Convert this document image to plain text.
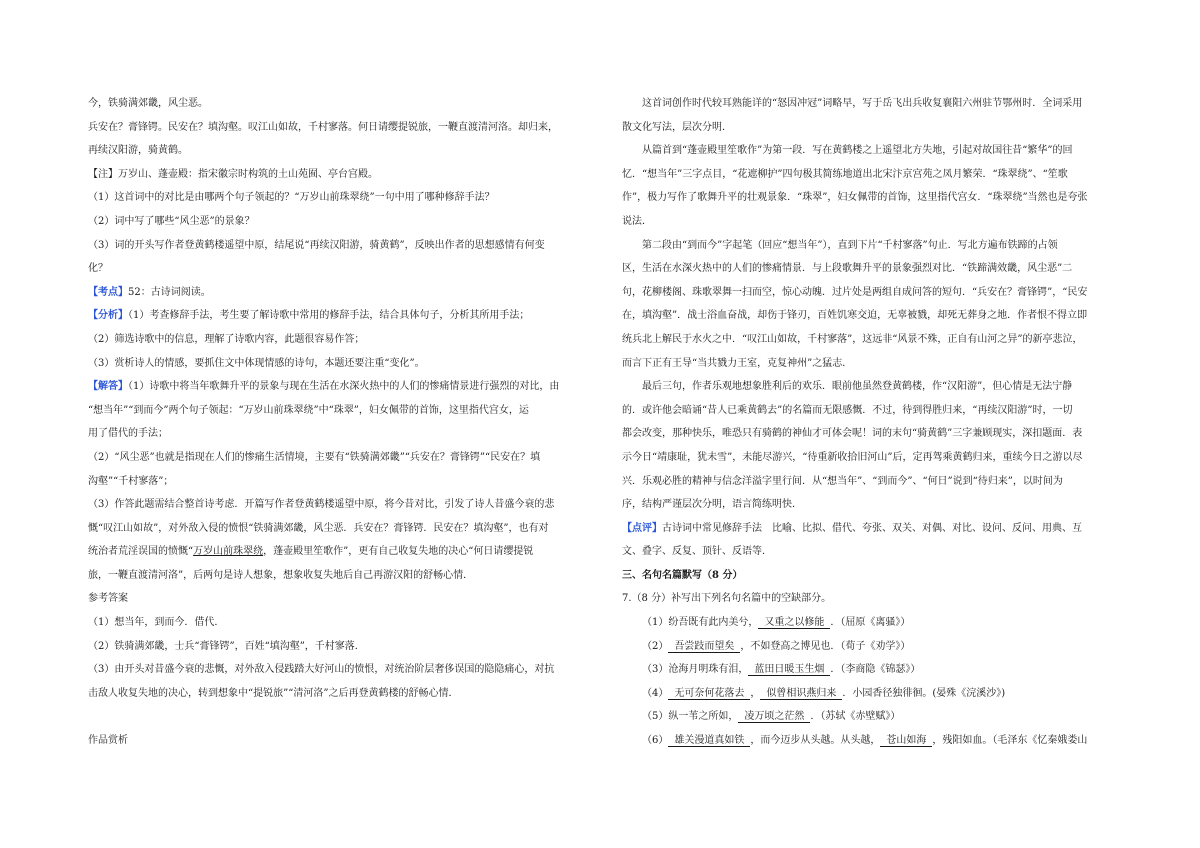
今，铁骑满郊畿，风尘恶。

兵安在？膏锋锷。民安在？填沟壑。叹江山如故，千村寥落。何日请缨提锐旅，一鞭直渡清河洛。却归来，

再续汉阳游，骑黄鹤。

【注】万岁山、蓬壶殿：指宋徽宗时构筑的土山苑囿、亭台宫殿。

（1）这首词中的对比是由哪两个句子领起的？“万岁山前珠翠绕”一句中用了哪种修辞手法？

（2）词中写了哪些“风尘恶”的景象？

（3）词的开头写作者登黄鹤楼遥望中原，结尾说“再续汉阳游，骑黄鹤”，反映出作者的思想感情有何变

化？

【考点】52：古诗词阅读。

【分析】（1）考查修辞手法，考生要了解诗歌中常用的修辞手法，结合具体句子，分析其所用手法；

（2）筛选诗歌中的信息，理解了诗歌内容，此题很容易作答；

（3）赏析诗人的情感，要抓住文中体现情感的诗句，本题还要注重“变化”。

【解答】（1）诗歌中将当年歌舞升平的景象与现在生活在水深火热中的人们的惨痛情景进行强烈的对比，由

“想当年”“到而今”两个句子领起：“万岁山前珠翠绕”中“珠翠”，妇女佩带的首饰，这里指代宫女，运

用了借代的手法；

（2）“风尘恶”也就是指现在人们的惨痛生活情境，主要有“铁骑满郊畿”“兵安在？膏锋锷”“民安在？填

沟壑”“千村寥落”；

（3）作答此题需结合整首诗考虑．开篇写作者登黄鹤楼遥望中原，将今昔对比，引发了诗人昔盛今衰的悲

慨“叹江山如故”，对外敌入侵的愤恨“铁骑满郊畿，风尘恶．兵安在？膏锋锷．民安在？填沟壑”，也有对

统治者荒淫误国的愤慨“万岁山前珠翠绕，蓬壶殿里笙歌作”，更有自己收复失地的决心“何日请缨提锐

旅，一鞭直渡清河洛”，后两句是诗人想象，想象收复失地后自己再游汉阳的舒畅心情．

参考答案

（1）想当年，到而今．借代．

（2）铁骑满郊畿，士兵“膏锋锷”，百姓“填沟壑”，千村寥落．

（3）由开头对昔盛今衰的悲慨，对外敌入侵践踏大好河山的愤恨，对统治阶层奢侈误国的隐隐痛心，对抗

击敌人收复失地的决心，转到想象中“提锐旅”“清河洛”之后再登黄鹤楼的舒畅心情．

作品赏析

这首词创作时代较耳熟能详的“怒因冲冠”词略早，写于岳飞出兵收复襄阳六州驻节鄂州时．全词采用

散文化写法，层次分明．

从篇首到“蓬壶殿里笙歌作”为第一段．写在黄鹤楼之上遥望北方失地，引起对故国往昔“繁华”的回

忆．“想当年”三字点目，“花遮柳护”四句极其简练地道出北宋汴京宫苑之凤月繁荣．“珠翠绕”、“笙歌

作”，极力写作了歌舞升平的壮观景象．“珠翠”，妇女佩带的首饰，这里指代宫女．“珠翠绕”当然也是夸张

说法．

第二段由“到而今”字起笔（回应“想当年”），直到下片“千村寥落”句止．写北方遍布铁蹄的占领

区，生活在水深火热中的人们的惨痛情景．与上段歌舞升平的景象强烈对比．“铁蹄满效畿，风尘恶”二

句，花柳楼阁、珠歌翠舞一扫而空，惊心动魄．过片处是两组自成问答的短句．“兵安在？膏锋锷”，“民安

在，填沟壑”．战士浴血奋战，却伤于锋刃，百姓饥寒交迫，无辜被戮，却死无葬身之地．作者恨不得立即

统兵北上解民于水火之中．“叹江山如故，千村寥落”，这远非“风景不殊，正自有山河之异”的新亭悲泣，

而言下正有王导“当共戮力王室，克复神州”之猛志．

最后三句，作者乐观地想象胜利后的欢乐．眼前他虽然登黄鹤楼，作“汉阳游”，但心情是无法宁静

的．或许他会暗诵“昔人已乘黄鹤去”的名篇而无限感慨．不过，待到得胜归来，“再续汉阳游”时，一切

都会改变，那种快乐，唯恐只有骑鹤的神仙才可体会呢！词的末句“骑黄鹤”三字兼顾现实，深扣题面．表

示今日“靖康耻，犹未雪”，未能尽游兴，“待重新收拾旧河山”后，定再驾乘黄鹤归来，重续今日之游以尽

兴．乐观必胜的精神与信念洋溢字里行间．从“想当年”、“到而今”、“何日”说到“待归来”，以时间为

序，结构严谨层次分明，语言简练明快．

【点评】古诗词中常见修辞手法　比喻、比拟、借代、夸张、双关、对偶、对比、设问、反问、用典、互

文、叠字、反复、顶针、反语等．

三、名句名篇默写（8 分）

7.（8 分）补写出下列名句名篇中的空缺部分。

（1）纷吾既有此内美兮， 又重之以修能 ．（屈原《离骚》）

（2） 吾尝跂而望矣 ，不如登高之博见也．（荀子《劝学》）

（3）沧海月明珠有泪， 蓝田日暖玉生烟 ．（李商隐《锦瑟》）

（4） 无可奈何花落去 ， 似曾相识燕归来 ．小园香径独徘徊。(晏殊《浣溪沙》)

（5）纵一苇之所如， 凌万顷之茫然 ．（苏轼《赤壁赋》）

（6） 雄关漫道真如铁 ，而今迈步从头越。从头越， 苍山如海 ，残阳如血。（毛泽东《忆秦娥娄山
